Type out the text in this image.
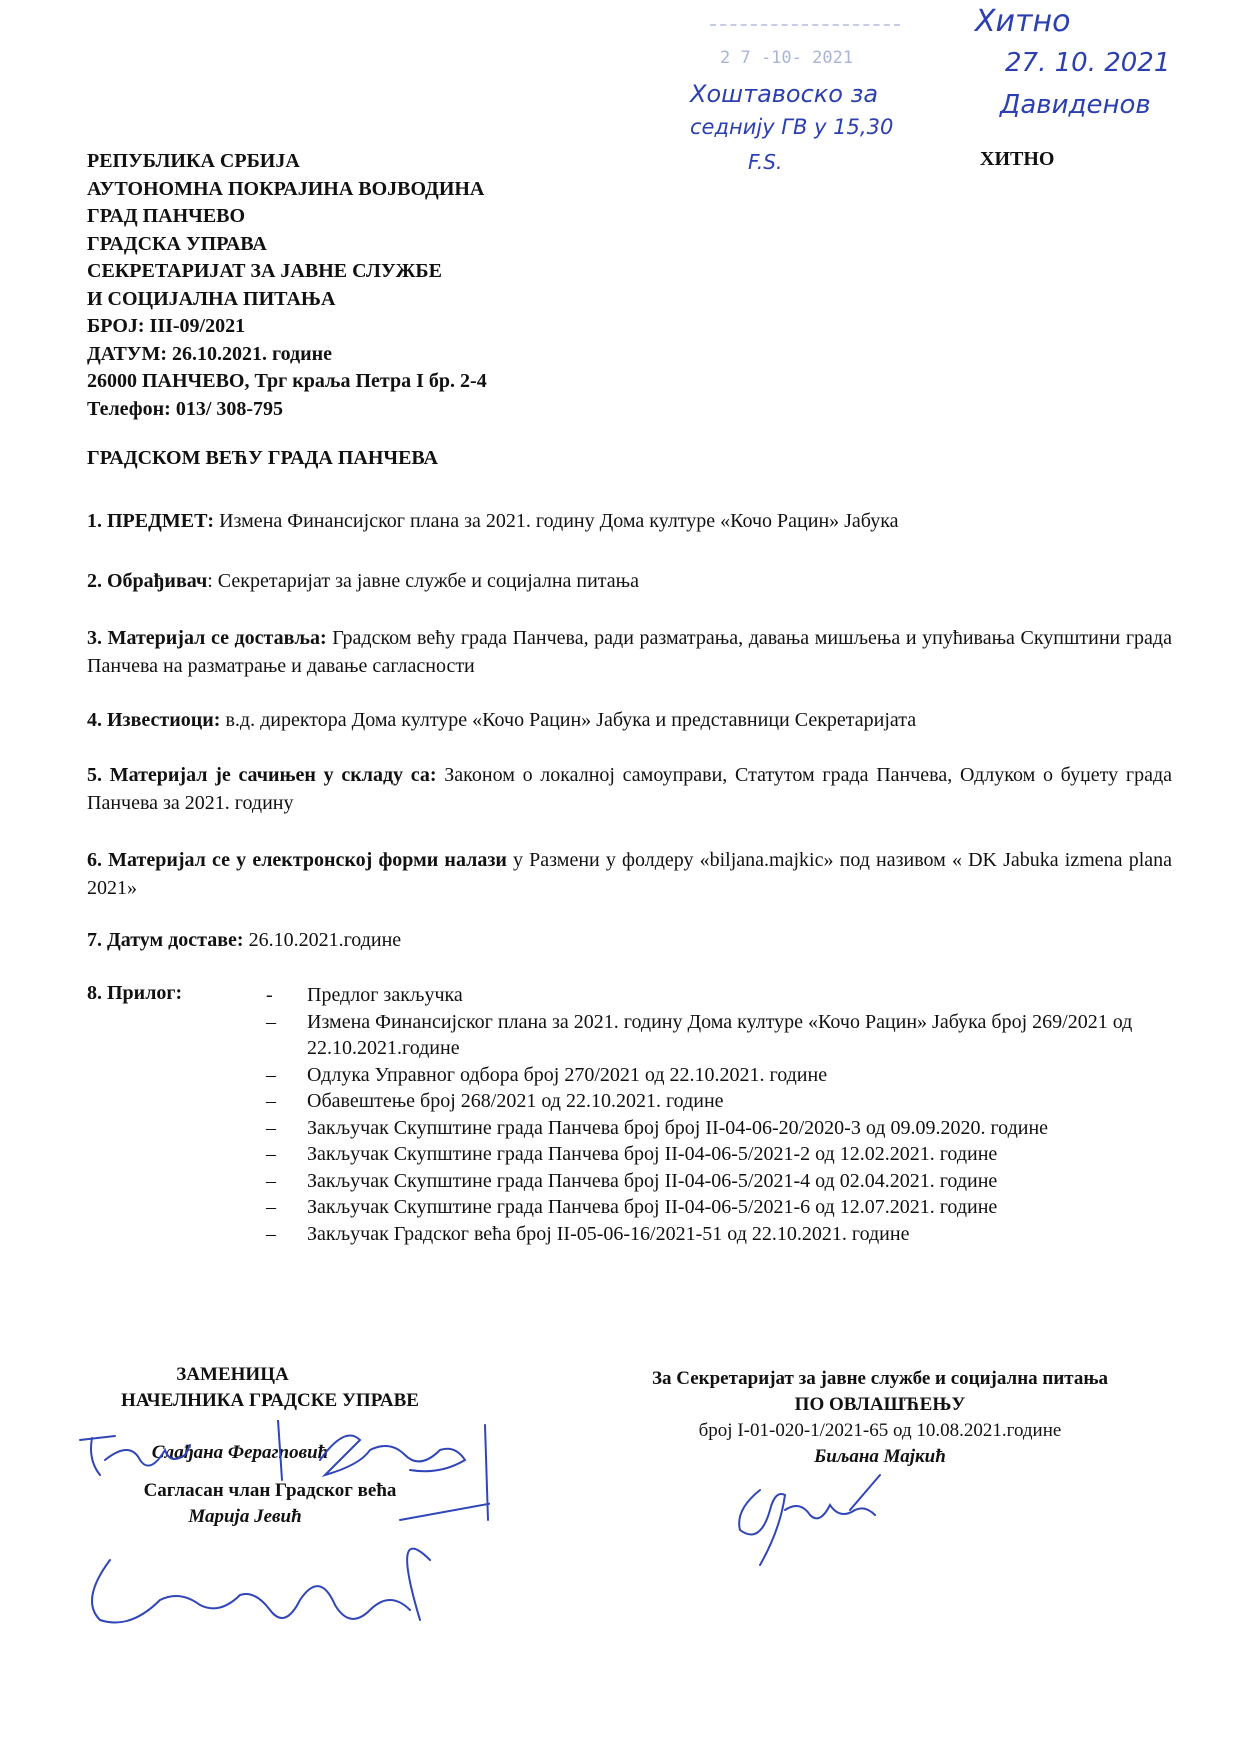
2 7 -10- 2021
Хитно
27. 10. 2021
Хоштавоско за	Давиденов
седнију ГВ у 15,30
F.S.	ХИТНО
РЕПУБЛИКА СРБИЈА
АУТОНОМНА ПОКРАЈИНА ВОЈВОДИНА
ГРАД ПАНЧЕВО
ГРАДСКА УПРАВА
СЕКРЕТАРИЈАТ ЗА ЈАВНЕ СЛУЖБЕ
И СОЦИЈАЛНА ПИТАЊА
БРОЈ: III-09/2021
ДАТУМ: 26.10.2021. године
26000 ПАНЧЕВО, Трг краља Петра I бр. 2-4
Телефон: 013/ 308-795
ГРАДСКОМ ВЕЋУ ГРАДА ПАНЧЕВА
1. ПРЕДМЕТ: Измена Финансијског плана за 2021. годину Дома културе «Кочо Рацин» Јабука
2. Обрађивач: Секретаријат за јавне службе и социјална питања
3. Материјал се доставља: Градском већу града Панчева, ради разматрања, давања мишљења и упућивања Скупштини града Панчева на разматрање и давање сагласности
4. Известиоци: в.д. директора Дома културе «Кочо Рацин» Јабука и представници Секретаријата
5. Материјал је сачињен у складу са: Законом о локалној самоуправи, Статутом града Панчева, Одлуком о буџету града Панчева за 2021. годину
6. Материјал се у електронској форми налази у Размени у фолдеру «biljana.majkic» под називом « DK Jabuka izmena plana 2021»
7. Датум доставе: 26.10.2021.године
8. Прилог:	- Предлог закључка
– Измена Финансијског плана за 2021. годину Дома културе «Кочо Рацин» Јабука број 269/2021 од 22.10.2021.године
– Одлука Управног одбора број 270/2021 од 22.10.2021. године
– Обавештење број 268/2021 од 22.10.2021. године
– Закључак Скупштине града Панчева број број II-04-06-20/2020-3 од 09.09.2020. године
– Закључак Скупштине града Панчева број II-04-06-5/2021-2 од 12.02.2021. године
– Закључак Скупштине града Панчева број II-04-06-5/2021-4 од 02.04.2021. године
– Закључак Скупштине града Панчева број II-04-06-5/2021-6 од 12.07.2021. године
– Закључак Градског већа број II-05-06-16/2021-51 од 22.10.2021. године
ЗАМЕНИЦА
НАЧЕЛНИКА ГРАДСКЕ УПРАВЕ
Слађана Ферагповић
Сагласан члан Градског већа
Марија Јевић
За Секретаријат за јавне службе и социјална питања
ПО ОВЛАШЋЕЊУ
број I-01-020-1/2021-65 од 10.08.2021.године
Биљана Мајкић
